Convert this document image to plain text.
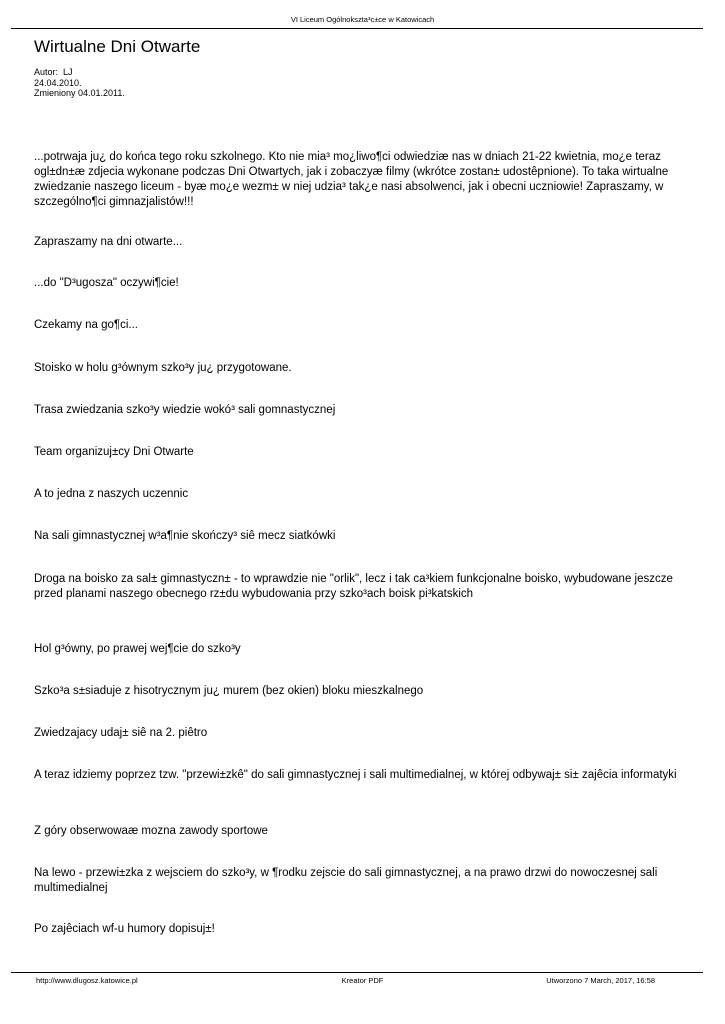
VI Liceum Ogólnokszta³c±ce w Katowicach
Wirtualne Dni Otwarte
Autor:  LJ
24.04.2010.
Zmieniony 04.01.2011.

...potrwaja ju¿ do końca tego roku szkolnego. Kto nie mia³ mo¿liwo¶ci odwiedziæ nas w dniach 21-22 kwietnia, mo¿e teraz ogl±dn±æ zdjecia wykonane podczas Dni Otwartych, jak i zobaczyæ filmy (wkrótce zostan± udostêpnione). To taka wirtualne zwiedzanie naszego liceum - byæ mo¿e wezm± w niej udzia³ tak¿e nasi absolwenci, jak i obecni uczniowie! Zapraszamy, w szczególno¶ci gimnazjalistów!!!

Zapraszamy na dni otwarte...

...do "D³ugosza" oczywi¶cie!

Czekamy na go¶ci...

Stoisko w holu g³ównym szko³y ju¿ przygotowane.

Trasa zwiedzania szko³y wiedzie wokó³ sali gomnastycznej

Team organizuj±cy Dni Otwarte

A to jedna z naszych uczennic

Na sali gimnastycznej w³a¶nie skończy³ siê mecz siatkówki

Droga na boisko za sal± gimnastyczn± - to wprawdzie nie "orlik", lecz i tak ca³kiem funkcjonalne boisko, wybudowane jeszcze przed planami naszego obecnego rz±du wybudowania przy szko³ach boisk pi³katskich

Hol g³ówny, po prawej wej¶cie do szko³y

Szko³a s±siaduje z hisotrycznym ju¿ murem (bez okien) bloku mieszkalnego

Zwiedzajacy udaj± siê na 2. piêtro

A teraz idziemy poprzez tzw. "przewi±zkê" do sali gimnastycznej i sali multimedialnej, w której odbywaj± si± zajêcia informatyki

Z góry obserwowaæ mozna zawody sportowe

Na lewo - przewi±zka z wejsciem do szko³y, w ¶rodku zejscie do sali gimnastycznej, a na prawo drzwi do nowoczesnej sali multimedialnej

Po zajêciach wf-u humory dopisuj±!

Kreator PDF
http://www.dlugosz.katowice.pl	Utworzono 7 March, 2017, 16:58
